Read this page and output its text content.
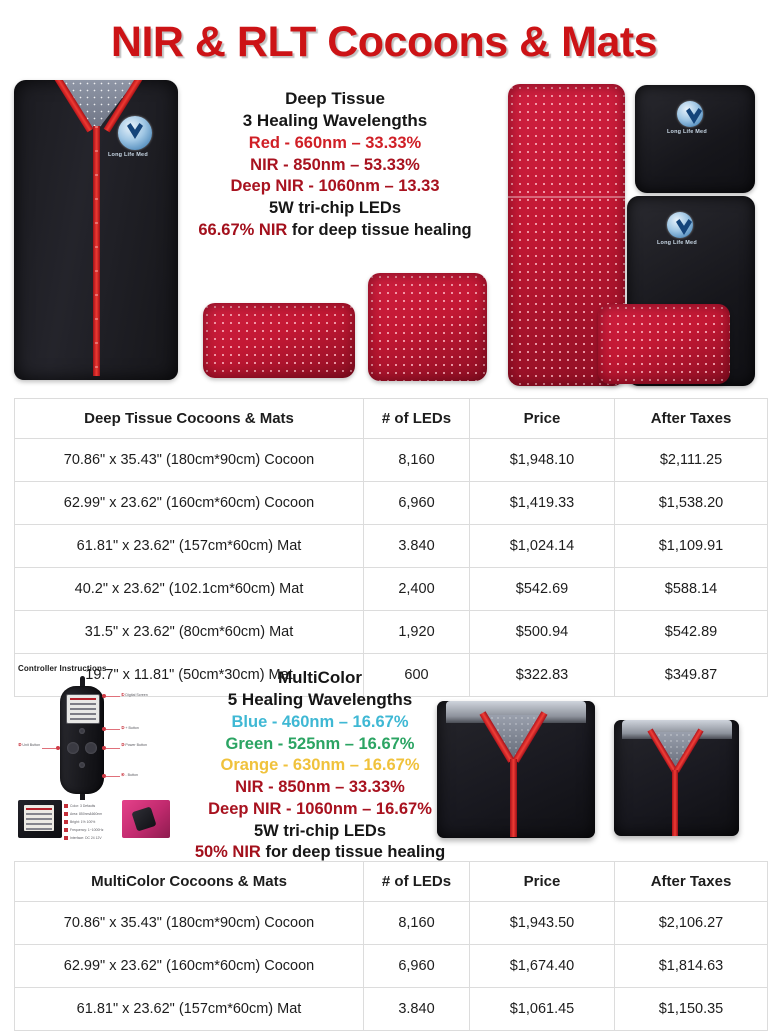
NIR & RLT Cocoons & Mats
Long Life Med
Long Life Med
Long Life Med
Deep Tissue
3 Healing Wavelengths
Red - 660nm – 33.33%
NIR - 850nm – 53.33%
Deep NIR - 1060nm – 13.33
5W tri-chip LEDs
66.67% NIR for deep tissue healing
Deep Tissue Cocoons & Mats	# of LEDs	Price	After Taxes
70.86" x 35.43" (180cm*90cm) Cocoon	8,160	$1,948.10	$2,111.25
62.99" x 23.62" (160cm*60cm) Cocoon	6,960	$1,419.33	$1,538.20
61.81" x 23.62" (157cm*60cm) Mat	3.840	$1,024.14	$1,109.91
40.2" x 23.62" (102.1cm*60cm) Mat	2,400	$542.69	$588.14
31.5" x 23.62" (80cm*60cm) Mat	1,920	$500.94	$542.89
19.7" x 11.81" (50cm*30cm) Mat	600	$322.83	$349.87
Controller Instructions
① Digital Screen
② + Button
③ Power Button
④ - Button
⑤ Unit Button
Color: 3 Defaults
Area: 850nm&660nm
Bright: 1% 100%
Frequency: 1~1000Hz
Interface: DC 24 12V
MultiColor
5 Healing Wavelengths
Blue - 460nm – 16.67%
Green - 525nm – 16.67%
Orange - 630nm – 16.67%
NIR - 850nm – 33.33%
Deep NIR - 1060nm – 16.67%
5W tri-chip LEDs
50% NIR for deep tissue healing
MultiColor Cocoons & Mats	# of LEDs	Price	After Taxes
70.86" x 35.43" (180cm*90cm) Cocoon	8,160	$1,943.50	$2,106.27
62.99" x 23.62" (160cm*60cm) Cocoon	6,960	$1,674.40	$1,814.63
61.81" x 23.62" (157cm*60cm) Mat	3.840	$1,061.45	$1,150.35
